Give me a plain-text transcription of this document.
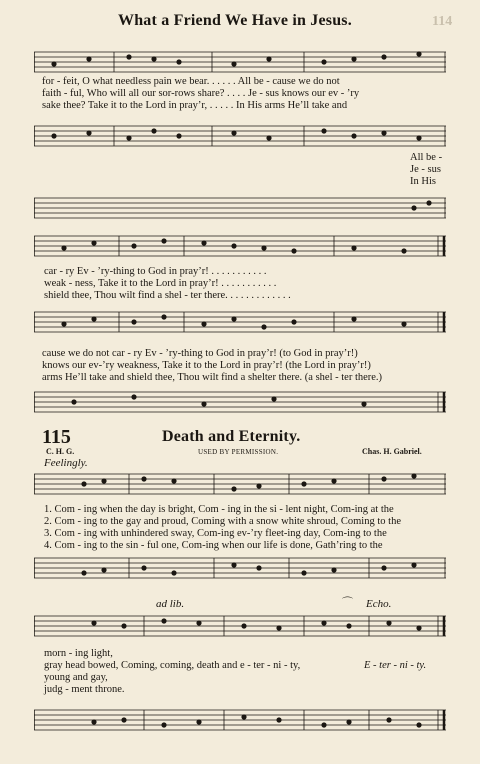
What a Friend We Have in Jesus.	114
for - feit, O what needless pain we bear. . . . . . All be - cause we do not
faith - ful, Who will all our sor-rows share? . . . . Je - sus knows our ev - ’ry
sake thee? Take it to the Lord in pray’r, . . . . . In His arms He’ll take and
All be -
Je - sus
In His
car - ry Ev - ’ry-thing to God in pray’r! . . . . . . . . . . .
weak - ness, Take it to the Lord in pray’r! . . . . . . . . . . .
shield thee, Thou wilt find a shel - ter there. . . . . . . . . . . . .
cause we do not car - ry Ev - ’ry-thing to God in pray’r! (to God in pray’r!)
knows our ev-’ry weakness, Take it to the Lord in pray’r! (the Lord in pray’r!)
arms He’ll take and shield thee, Thou wilt find a shelter there. (a shel - ter there.)
115	Death and Eternity.
C. H. G.	USED BY PERMISSION.	Chas. H. Gabriel.
Feelingly.
1. Com - ing when the day is bright, Com - ing in the si - lent night, Com-ing at the
2. Com - ing to the gay and proud, Coming with a snow white shroud, Coming to the
3. Com - ing with unhindered sway, Com-ing ev-’ry fleet-ing day, Com-ing to the
4. Com - ing to the sin - ful one, Com-ing when our life is done, Gath’ring to the
ad lib.	⌒ Echo.
morn - ing light,
gray head bowed, Coming, coming, death and e - ter - ni - ty,	E - ter - ni - ty.
young and gay,
judg - ment throne.
